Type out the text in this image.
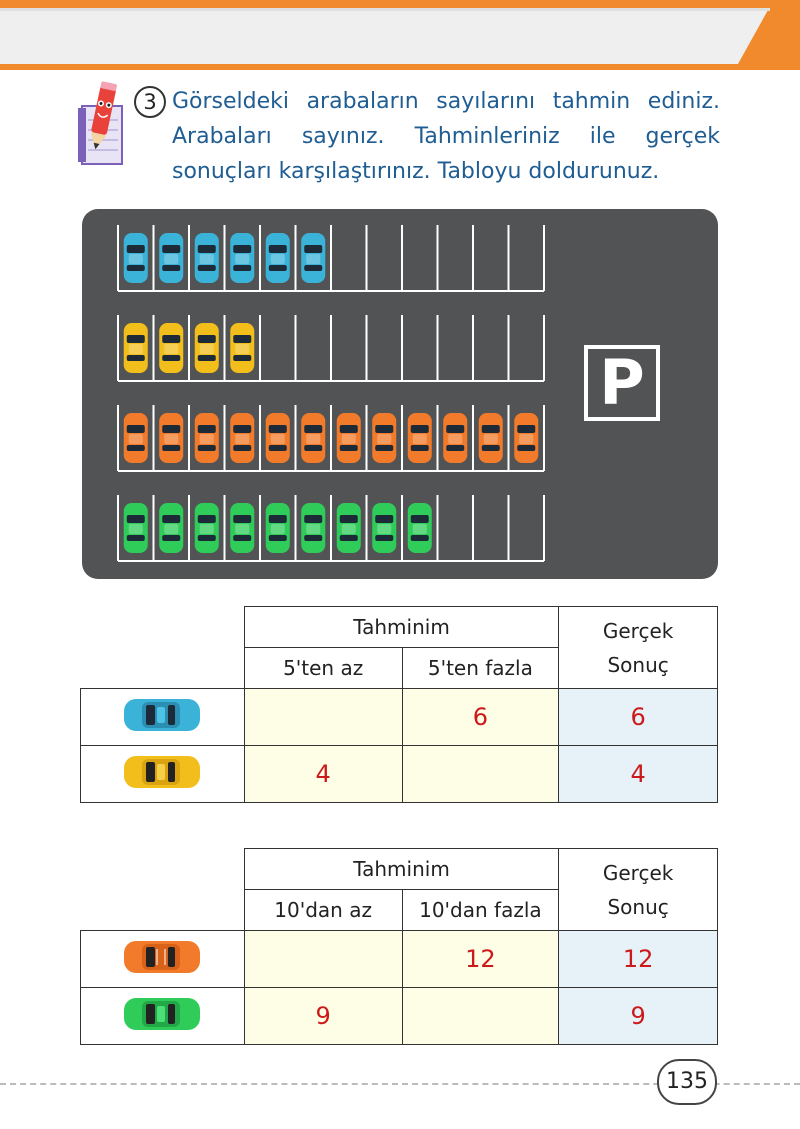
3 Görseldeki arabaların sayılarını tahmin ediniz. Arabaları sayınız. Tahminleriniz ile gerçek sonuçları karşılaştırınız. Tabloyu doldurunuz.
P
	Tahminim		Gerçek
Sonuç

	5'ten az	5'ten fazla	
		6	6
	4		4
	Tahminim		Gerçek
Sonuç

	10'dan az	10'dan fazla	
		12	12
	9		9
135
